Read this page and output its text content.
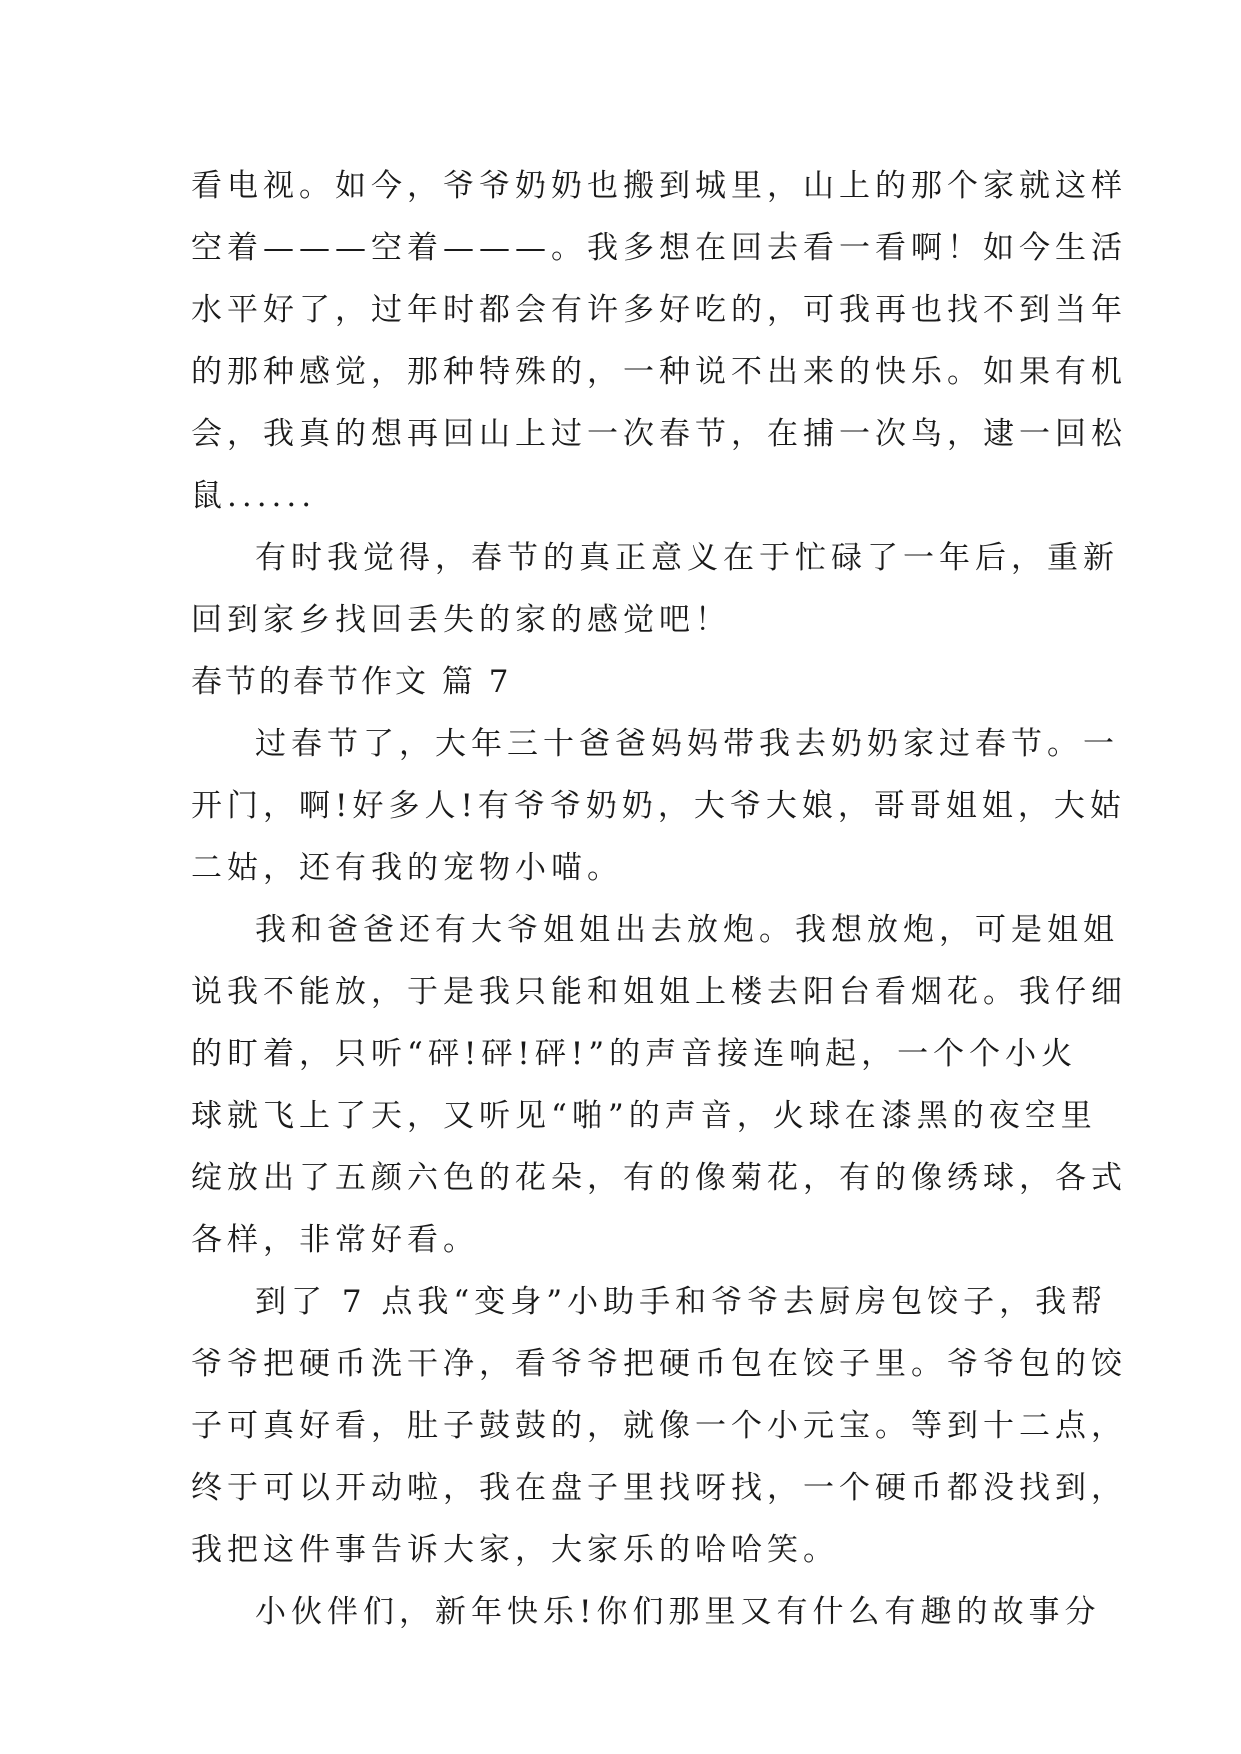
看电视。如今，爷爷奶奶也搬到城里，山上的那个家就这样
空着———空着———。我多想在回去看一看啊！如今生活
水平好了，过年时都会有许多好吃的，可我再也找不到当年
的那种感觉，那种特殊的，一种说不出来的快乐。如果有机
会，我真的想再回山上过一次春节，在捕一次鸟，逮一回松
鼠......
有时我觉得，春节的真正意义在于忙碌了一年后，重新
回到家乡找回丢失的家的感觉吧！
春节的春节作文 篇 7
过春节了，大年三十爸爸妈妈带我去奶奶家过春节。一
开门，啊!好多人!有爷爷奶奶，大爷大娘，哥哥姐姐，大姑
二姑，还有我的宠物小喵。
我和爸爸还有大爷姐姐出去放炮。我想放炮，可是姐姐
说我不能放，于是我只能和姐姐上楼去阳台看烟花。我仔细
的盯着，只听“砰!砰!砰!”的声音接连响起，一个个小火
球就飞上了天，又听见“啪”的声音，火球在漆黑的夜空里
绽放出了五颜六色的花朵，有的像菊花，有的像绣球，各式
各样，非常好看。
到了 7 点我“变身”小助手和爷爷去厨房包饺子，我帮
爷爷把硬币洗干净，看爷爷把硬币包在饺子里。爷爷包的饺
子可真好看，肚子鼓鼓的，就像一个小元宝。等到十二点，
终于可以开动啦，我在盘子里找呀找，一个硬币都没找到，
我把这件事告诉大家，大家乐的哈哈笑。
小伙伴们，新年快乐!你们那里又有什么有趣的故事分
